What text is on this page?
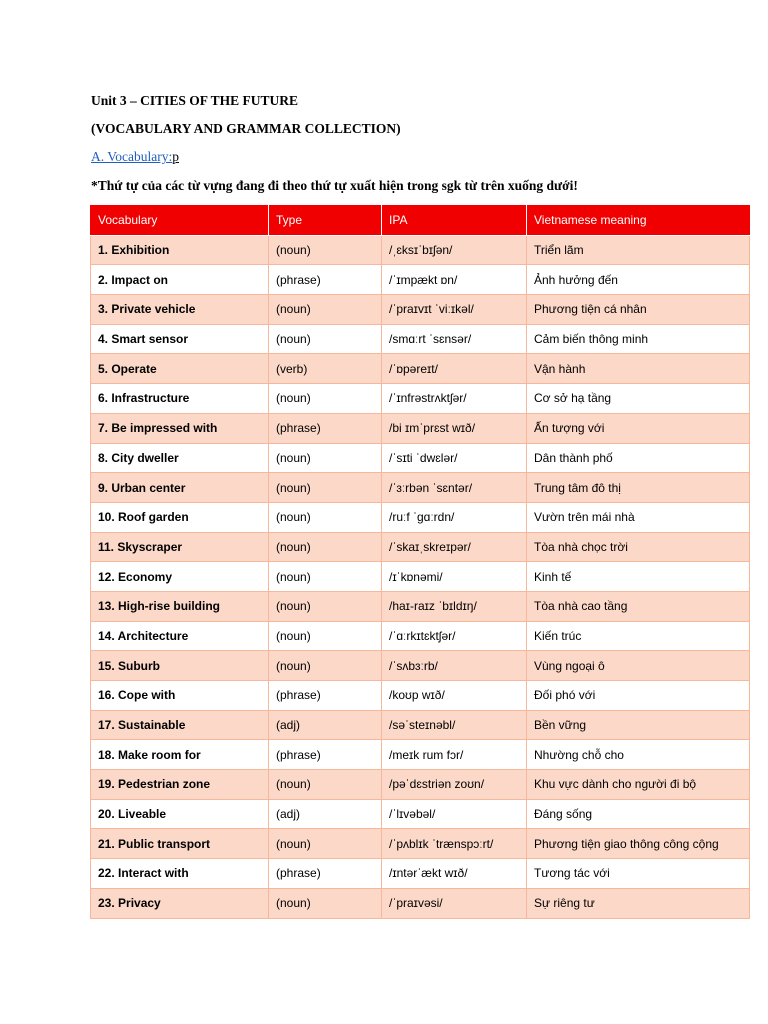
Unit 3 – CITIES OF THE FUTURE
(VOCABULARY AND GRAMMAR COLLECTION)
A. Vocabulary:p
*Thứ tự của các từ vựng đang đi theo thứ tự xuất hiện trong sgk từ trên xuống dưới!
Vocabulary	Type	IPA	Vietnamese meaning
1. Exhibition	(noun)	/ˌɛksɪˈbɪʃən/	Triển lãm
2. Impact on	(phrase)	/ˈɪmpækt ɒn/	Ảnh hưởng đến
3. Private vehicle	(noun)	/ˈpraɪvɪt ˈviːɪkəl/	Phương tiện cá nhân
4. Smart sensor	(noun)	/smɑːrt ˈsɛnsər/	Cảm biến thông minh
5. Operate	(verb)	/ˈɒpəreɪt/	Vận hành
6. Infrastructure	(noun)	/ˈɪnfrəstrʌktʃər/	Cơ sở hạ tầng
7. Be impressed with	(phrase)	/bi ɪmˈprɛst wɪð/	Ấn tượng với
8. City dweller	(noun)	/ˈsɪti ˈdwɛlər/	Dân thành phố
9. Urban center	(noun)	/ˈɜːrbən ˈsɛntər/	Trung tâm đô thị
10. Roof garden	(noun)	/ruːf ˈɡɑːrdn/	Vườn trên mái nhà
11. Skyscraper	(noun)	/ˈskaɪˌskreɪpər/	Tòa nhà chọc trời
12. Economy	(noun)	/ɪˈkɒnəmi/	Kinh tế
13. High-rise building	(noun)	/haɪ-raɪz ˈbɪldɪŋ/	Tòa nhà cao tầng
14. Architecture	(noun)	/ˈɑːrkɪtɛktʃər/	Kiến trúc
15. Suburb	(noun)	/ˈsʌbɜːrb/	Vùng ngoại ô
16. Cope with	(phrase)	/koʊp wɪð/	Đối phó với
17. Sustainable	(adj)	/səˈsteɪnəbl/	Bền vững
18. Make room for	(phrase)	/meɪk rum fɔr/	Nhường chỗ cho
19. Pedestrian zone	(noun)	/pəˈdɛstriən zoʊn/	Khu vực dành cho người đi bộ
20. Liveable	(adj)	/ˈlɪvəbəl/	Đáng sống
21. Public transport	(noun)	/ˈpʌblɪk ˈtrænspɔːrt/	Phương tiện giao thông công cộng
22. Interact with	(phrase)	/ɪntərˈækt wɪð/	Tương tác với
23. Privacy	(noun)	/ˈpraɪvəsi/	Sự riêng tư
